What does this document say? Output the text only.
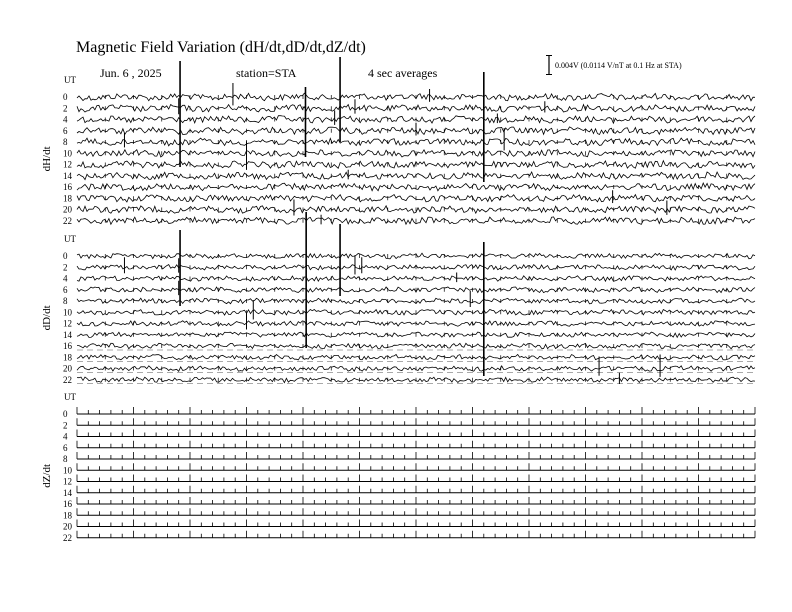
Magnetic Field Variation (dH/dt,dD/dt,dZ/dt)
Jun. 6 , 2025	station=STA	4 sec averages
0.004V (0.0114 V/nT at 0.1 Hz at STA)
UT
dH/dt
0
2
4
6
8
10
12
14
16
18
20
22
UT
dD/dt
0
2
4
6
8
10
12
14
16
18
20
22
UT
dZ/dt
0
2
4
6
8
10
12
14
16
18
20
22
